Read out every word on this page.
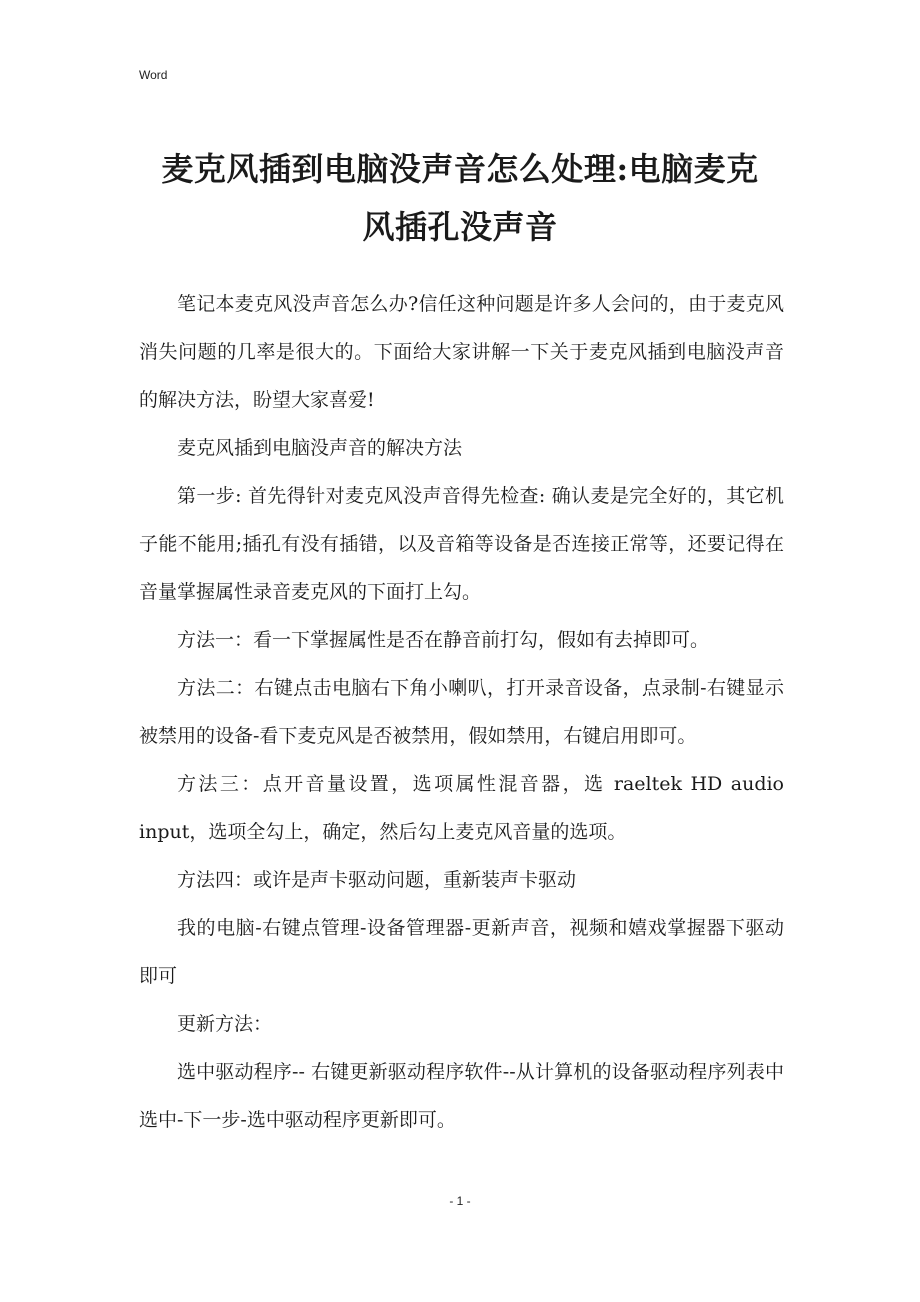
Word
麦克风插到电脑没声音怎么处理:电脑麦克
风插孔没声音

笔记本麦克风没声音怎么办?信任这种问题是许多人会问的，由于麦克风消失问题的几率是很大的。下面给大家讲解一下关于麦克风插到电脑没声音的解决方法，盼望大家喜爱!

麦克风插到电脑没声音的解决方法

第一步: 首先得针对麦克风没声音得先检查: 确认麦是完全好的，其它机子能不能用;插孔有没有插错，以及音箱等设备是否连接正常等，还要记得在音量掌握属性录音麦克风的下面打上勾。

方法一：看一下掌握属性是否在静音前打勾，假如有去掉即可。

方法二：右键点击电脑右下角小喇叭，打开录音设备，点录制-右键显示被禁用的设备-看下麦克风是否被禁用，假如禁用，右键启用即可。

方法三：点开音量设置，选项属性混音器，选 raeltek HD audio input，选项全勾上，确定，然后勾上麦克风音量的选项。

方法四：或许是声卡驱动问题，重新装声卡驱动

我的电脑-右键点管理-设备管理器-更新声音，视频和嬉戏掌握器下驱动即可

更新方法：

选中驱动程序-- 右键更新驱动程序软件--从计算机的设备驱动程序列表中选中-下一步-选中驱动程序更新即可。

- 1 -
